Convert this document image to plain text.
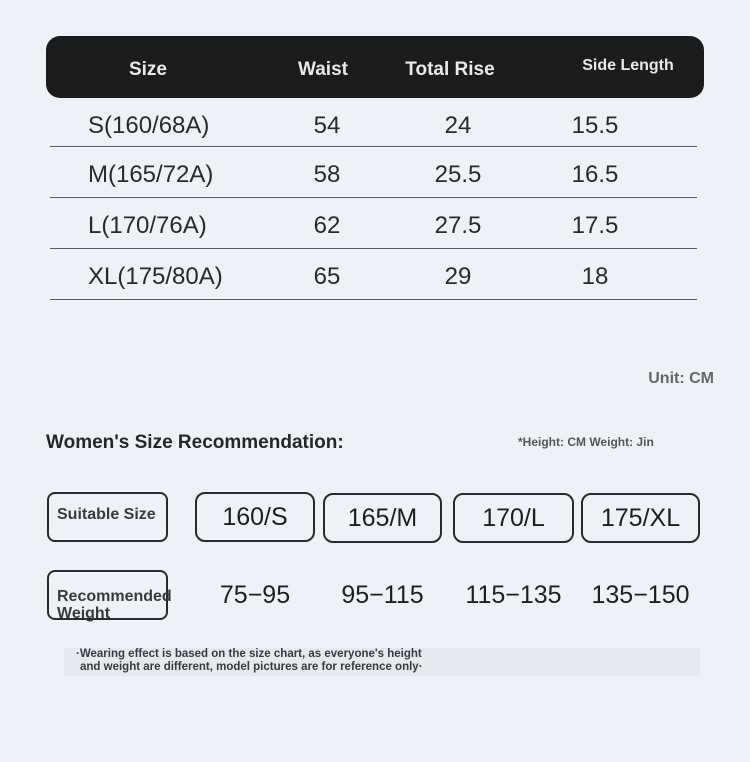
Size	Waist	Total Rise	Side Length
S(160/68A)	54	24	15.5
M(165/72A)	58	25.5	16.5
L(170/76A)	62	27.5	17.5
XL(175/80A)	65	29	18
Unit: CM
Women's Size Recommendation:	*Height: CM Weight: Jin
Suitable Size	160/S	165/M	170/L	175/XL
Recommended Weight
75−95	95−115	115−135	135−150
·Wearing effect is based on the size chart, as everyone's height
and weight are different, model pictures are for reference only·
